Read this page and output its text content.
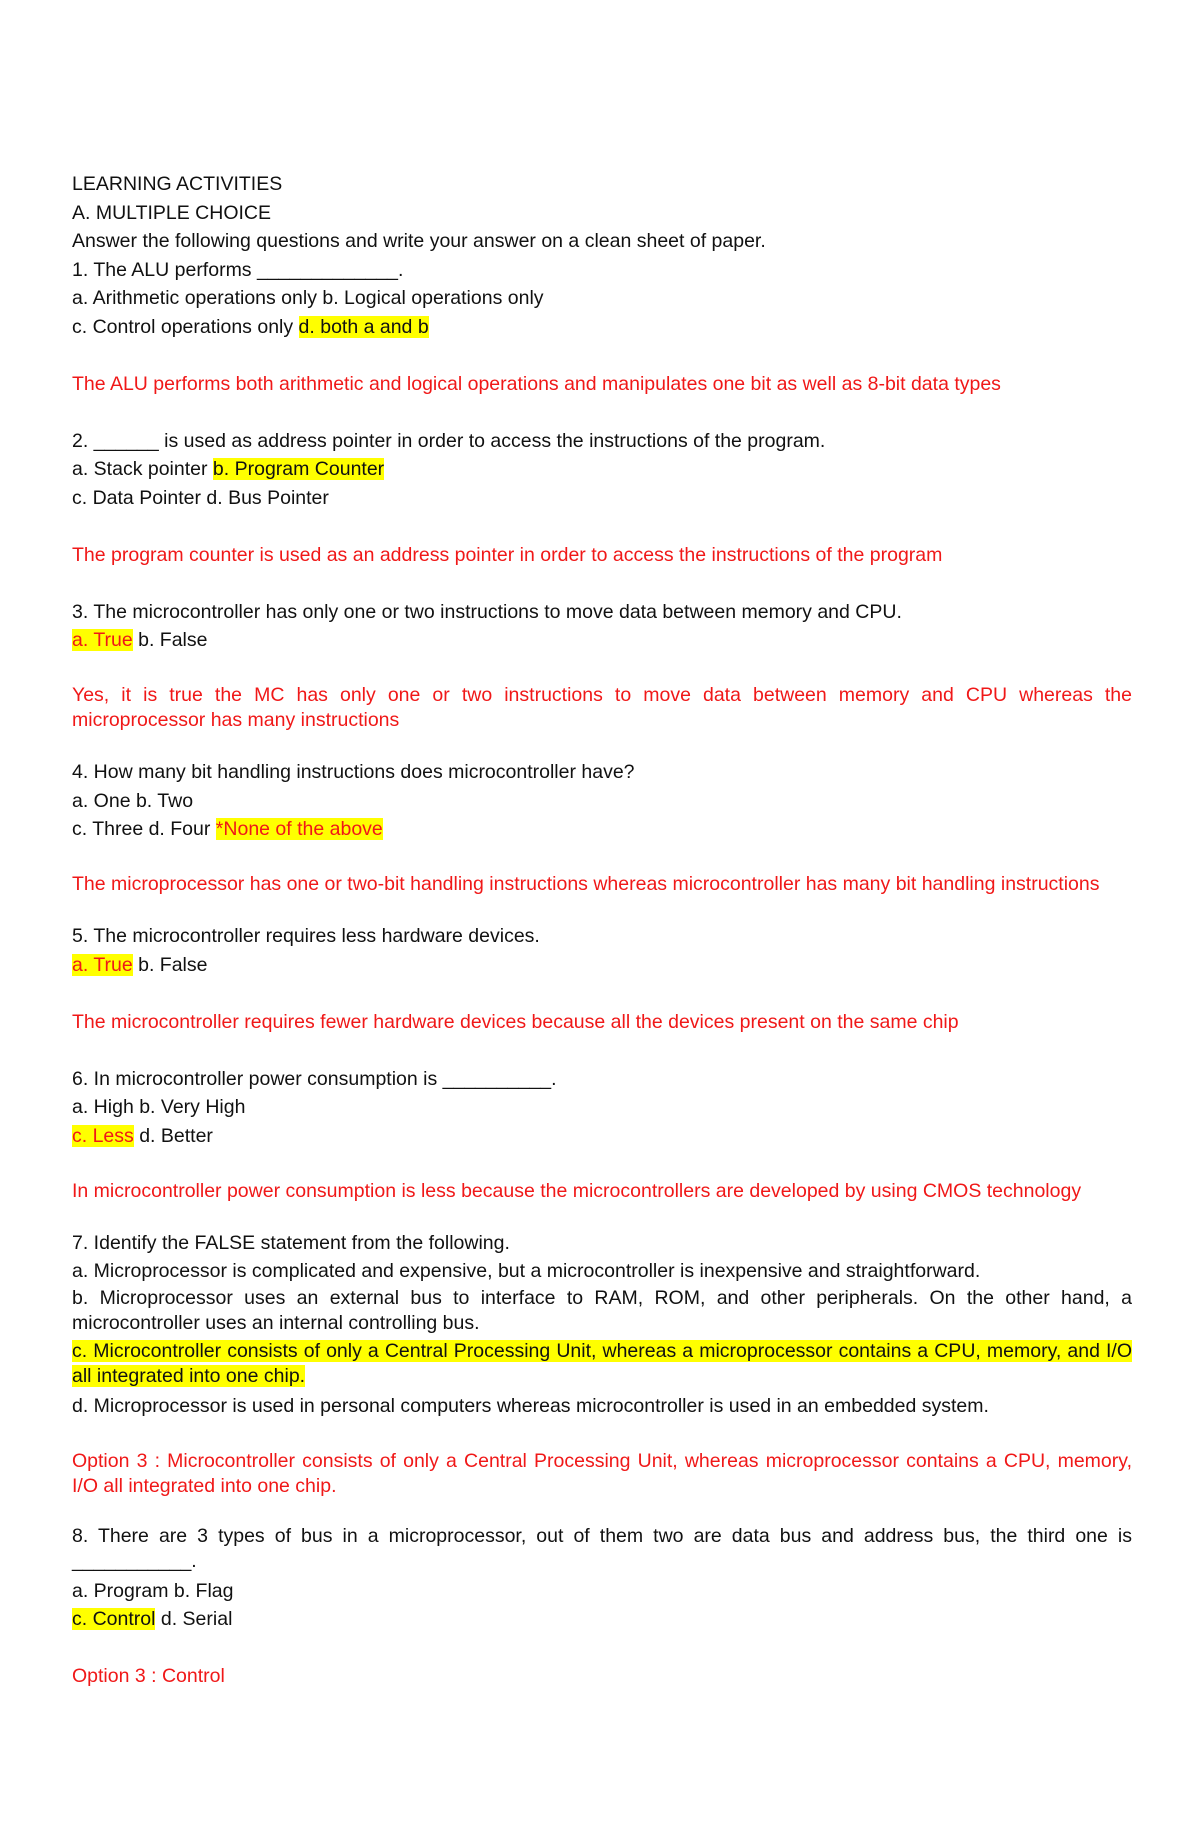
LEARNING ACTIVITIES
A. MULTIPLE CHOICE
Answer the following questions and write your answer on a clean sheet of paper.
1. The ALU performs _____________.
a. Arithmetic operations only b. Logical operations only
c. Control operations only d. both a and b
The ALU performs both arithmetic and logical operations and manipulates one bit as well as 8-bit data types
2. ______ is used as address pointer in order to access the instructions of the program.
a. Stack pointer b. Program Counter
c. Data Pointer d. Bus Pointer
The program counter is used as an address pointer in order to access the instructions of the program
3. The microcontroller has only one or two instructions to move data between memory and CPU.
a. True b. False
Yes, it is true the MC has only one or two instructions to move data between memory and CPU whereas the microprocessor has many instructions
4. How many bit handling instructions does microcontroller have?
a. One b. Two
c. Three d. Four *None of the above
The microprocessor has one or two-bit handling instructions whereas microcontroller has many bit handling instructions
5. The microcontroller requires less hardware devices.
a. True b. False
The microcontroller requires fewer hardware devices because all the devices present on the same chip
6. In microcontroller power consumption is __________.
a. High b. Very High
c. Less d. Better
In microcontroller power consumption is less because the microcontrollers are developed by using CMOS technology
7. Identify the FALSE statement from the following.
a. Microprocessor is complicated and expensive, but a microcontroller is inexpensive and straightforward.
b. Microprocessor uses an external bus to interface to RAM, ROM, and other peripherals. On the other hand, a microcontroller uses an internal controlling bus.
c. Microcontroller consists of only a Central Processing Unit, whereas a microprocessor contains a CPU, memory, and I/O all integrated into one chip.
d. Microprocessor is used in personal computers whereas microcontroller is used in an embedded system.
Option 3 : Microcontroller consists of only a Central Processing Unit, whereas microprocessor contains a CPU, memory, I/O all integrated into one chip.
8. There are 3 types of bus in a microprocessor, out of them two are data bus and address bus, the third one is ___________.
a. Program b. Flag
c. Control d. Serial
Option 3 : Control
